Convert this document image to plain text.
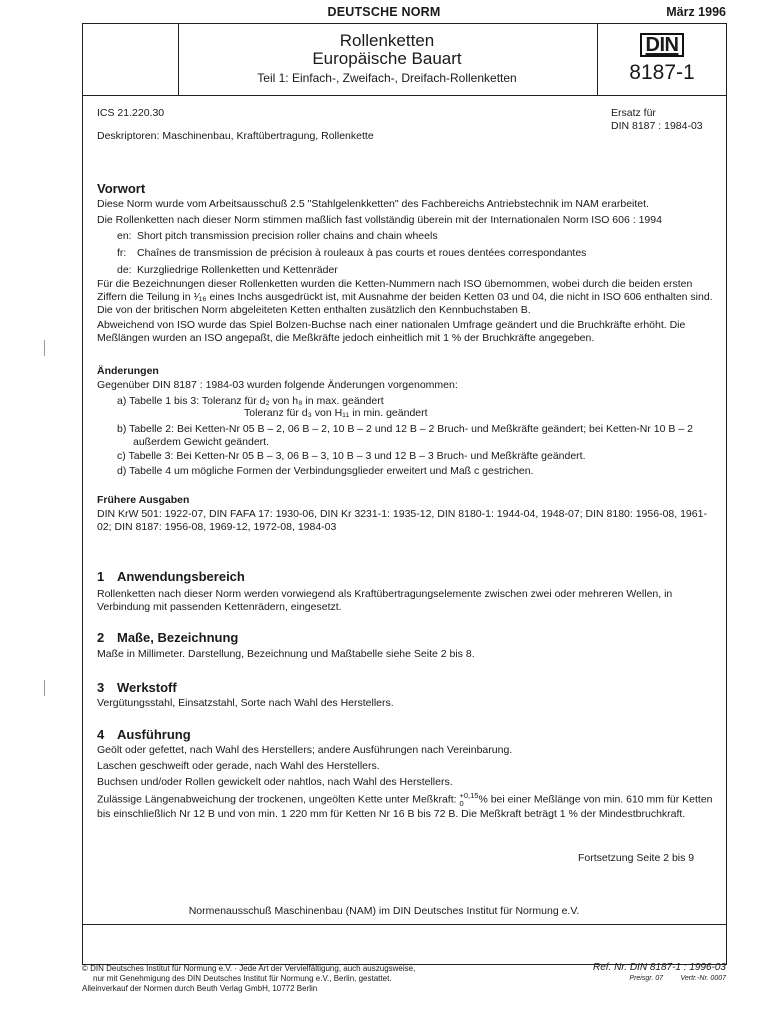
DEUTSCHE NORM	März 1996
Rollenketten
Europäische Bauart
Teil 1: Einfach-, Zweifach-, Dreifach-Rollenketten
DIN
8187-1
ICS 21.220.30	Ersatz für
DIN 8187 : 1984-03
Deskriptoren: Maschinenbau, Kraftübertragung, Rollenkette
Vorwort
Diese Norm wurde vom Arbeitsausschuß 2.5 "Stahlgelenkketten" des Fachbereichs Antriebstechnik im NAM erarbeitet.
Die Rollenketten nach dieser Norm stimmen maßlich fast vollständig überein mit der Internationalen Norm ISO 606 : 1994
en: Short pitch transmission precision roller chains and chain wheels
fr: Chaînes de transmission de précision à rouleaux à pas courts et roues dentées correspondantes
de: Kurzgliedrige Rollenketten und Kettenräder
Für die Bezeichnungen dieser Rollenketten wurden die Ketten-Nummern nach ISO übernommen, wobei durch die beiden ersten Ziffern die Teilung in ¹⁄₁₆ eines Inchs ausgedrückt ist, mit Ausnahme der beiden Ketten 03 und 04, die nicht in ISO 606 enthalten sind. Die von der britischen Norm abgeleiteten Ketten enthalten zusätzlich den Kennbuchstaben B.
Abweichend von ISO wurde das Spiel Bolzen-Buchse nach einer nationalen Umfrage geändert und die Bruchkräfte erhöht. Die Meßlängen wurden an ISO angepaßt, die Meßkräfte jedoch einheitlich mit 1 % der Bruchkräfte angegeben.
Änderungen
Gegenüber DIN 8187 : 1984-03 wurden folgende Änderungen vorgenommen:
a) Tabelle 1 bis 3: Toleranz für d₂ von h₈ in max. geändert
Toleranz für d₃ von H₁₁ in min. geändert
b) Tabelle 2: Bei Ketten-Nr 05 B – 2, 06 B – 2, 10 B – 2 und 12 B – 2 Bruch- und Meßkräfte geändert; bei Ketten-Nr 10 B – 2 außerdem Gewicht geändert.
c) Tabelle 3: Bei Ketten-Nr 05 B – 3, 06 B – 3, 10 B – 3 und 12 B – 3 Bruch- und Meßkräfte geändert.
d) Tabelle 4 um mögliche Formen der Verbindungsglieder erweitert und Maß c gestrichen.
Frühere Ausgaben
DIN KrW 501: 1922-07, DIN FAFA 17: 1930-06, DIN Kr 3231-1: 1935-12, DIN 8180-1: 1944-04, 1948-07; DIN 8180: 1956-08, 1961-02; DIN 8187: 1956-08, 1969-12, 1972-08, 1984-03
1 Anwendungsbereich
Rollenketten nach dieser Norm werden vorwiegend als Kraftübertragungselemente zwischen zwei oder mehreren Wellen, in Verbindung mit passenden Kettenrädern, eingesetzt.
2 Maße, Bezeichnung
Maße in Millimeter. Darstellung, Bezeichnung und Maßtabelle siehe Seite 2 bis 8.
3 Werkstoff
Vergütungsstahl, Einsatzstahl, Sorte nach Wahl des Herstellers.
4 Ausführung
Geölt oder gefettet, nach Wahl des Herstellers; andere Ausführungen nach Vereinbarung.
Laschen geschweift oder gerade, nach Wahl des Herstellers.
Buchsen und/oder Rollen gewickelt oder nahtlos, nach Wahl des Herstellers.
Zulässige Längenabweichung der trockenen, ungeölten Kette unter Meßkraft: +0,15
0	% bei einer Meßlänge von min. 610 mm für Ketten bis einschließlich Nr 12 B und von min. 1 220 mm für Ketten Nr 16 B bis 72 B. Die Meßkraft beträgt 1 % der Mindestbruchkraft.
Fortsetzung Seite 2 bis 9
Normenausschuß Maschinenbau (NAM) im DIN Deutsches Institut für Normung e.V.
© DIN Deutsches Institut für Normung e.V. · Jede Art der Vervielfältigung, auch auszugsweise,
nur mit Genehmigung des DIN Deutsches Institut für Normung e.V., Berlin, gestattet.
Alleinverkauf der Normen durch Beuth Verlag GmbH, 10772 Berlin
Ref. Nr. DIN 8187-1 : 1996-03
Preisgr. 07 Vertr.-Nr. 0007
